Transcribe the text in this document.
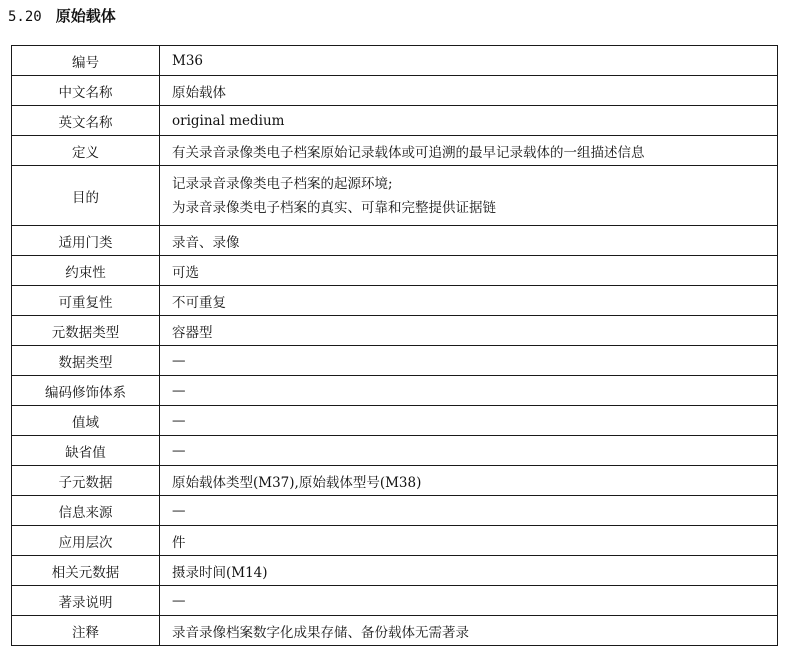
5.20 原始载体
编号	M36
中文名称	原始载体
英文名称	original medium
定义	有关录音录像类电子档案原始记录载体或可追溯的最早记录载体的一组描述信息
目的	记录录音录像类电子档案的起源环境;
为录音录像类电子档案的真实、可靠和完整提供证据链

适用门类	录音、录像
约束性	可选
可重复性	不可重复
元数据类型	容器型
数据类型	—
编码修饰体系	—
值域	—
缺省值	—
子元数据	原始载体类型(M37),原始载体型号(M38)
信息来源	—
应用层次	件
相关元数据	摄录时间(M14)
著录说明	—
注释	录音录像档案数字化成果存储、备份载体无需著录
